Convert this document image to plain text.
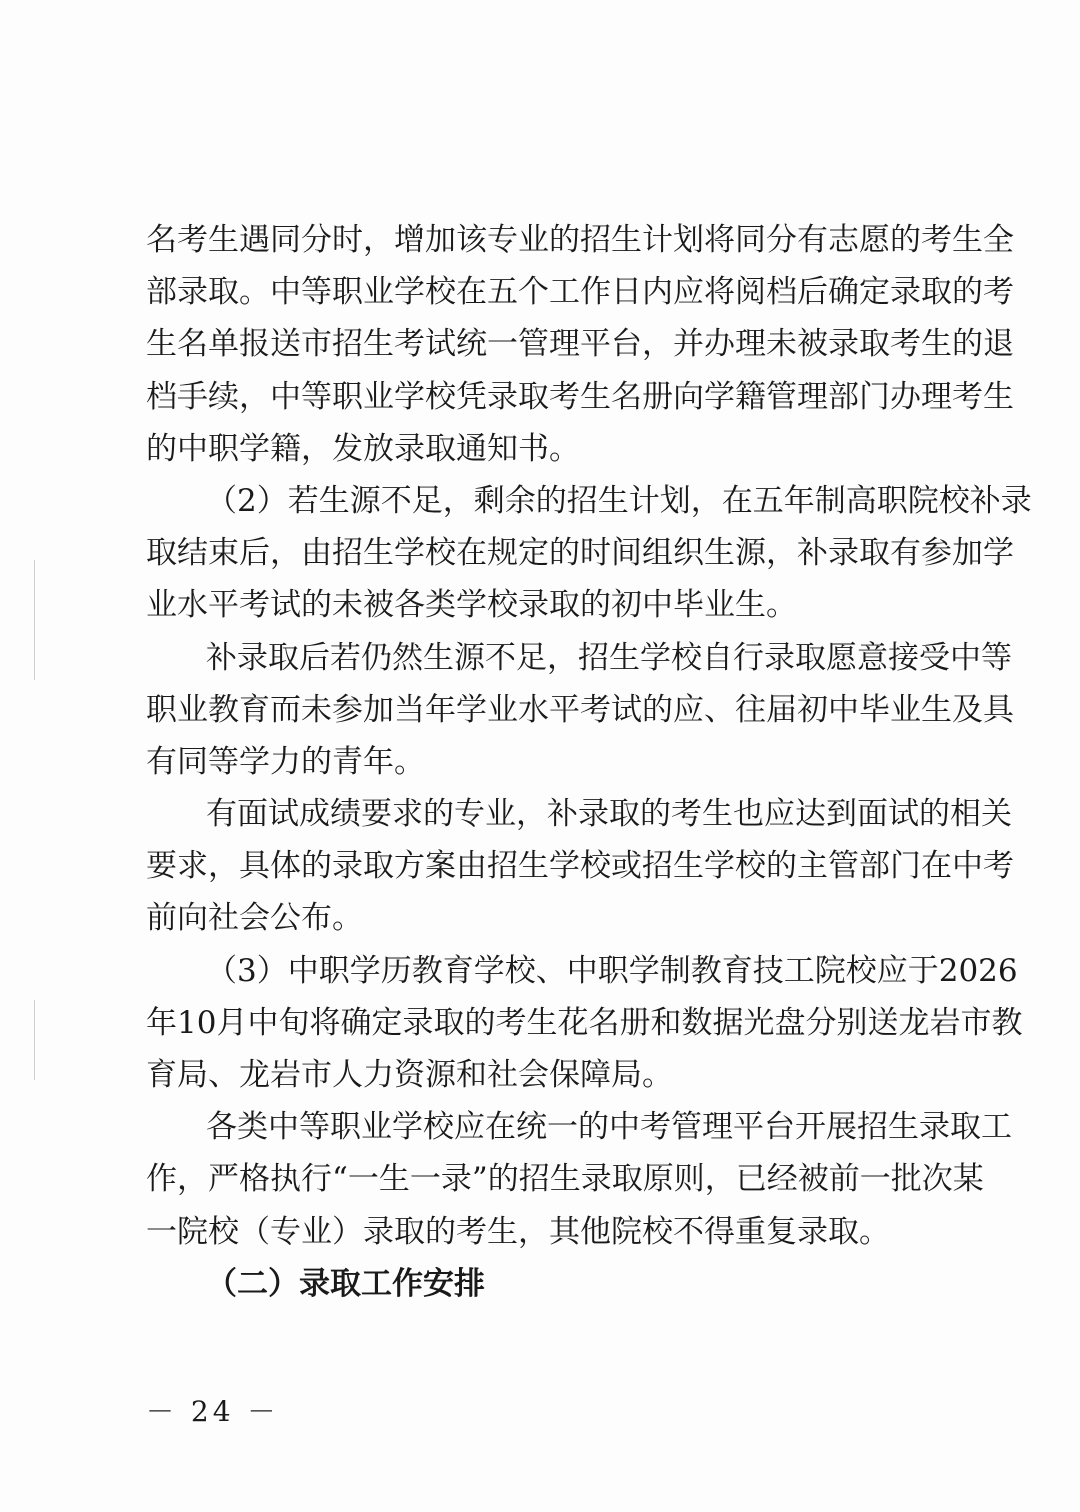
名考生遇同分时，增加该专业的招生计划将同分有志愿的考生全
部录取。中等职业学校在五个工作日内应将阅档后确定录取的考
生名单报送市招生考试统一管理平台，并办理未被录取考生的退
档手续，中等职业学校凭录取考生名册向学籍管理部门办理考生
的中职学籍，发放录取通知书。
（2）若生源不足，剩余的招生计划，在五年制高职院校补录
取结束后，由招生学校在规定的时间组织生源，补录取有参加学
业水平考试的未被各类学校录取的初中毕业生。
补录取后若仍然生源不足，招生学校自行录取愿意接受中等
职业教育而未参加当年学业水平考试的应、往届初中毕业生及具
有同等学力的青年。
有面试成绩要求的专业，补录取的考生也应达到面试的相关
要求，具体的录取方案由招生学校或招生学校的主管部门在中考
前向社会公布。
（3）中职学历教育学校、中职学制教育技工院校应于2026
年10月中旬将确定录取的考生花名册和数据光盘分别送龙岩市教
育局、龙岩市人力资源和社会保障局。
各类中等职业学校应在统一的中考管理平台开展招生录取工
作，严格执行“一生一录”的招生录取原则，已经被前一批次某
一院校（专业）录取的考生，其他院校不得重复录取。
（二）录取工作安排
－ 24 －
